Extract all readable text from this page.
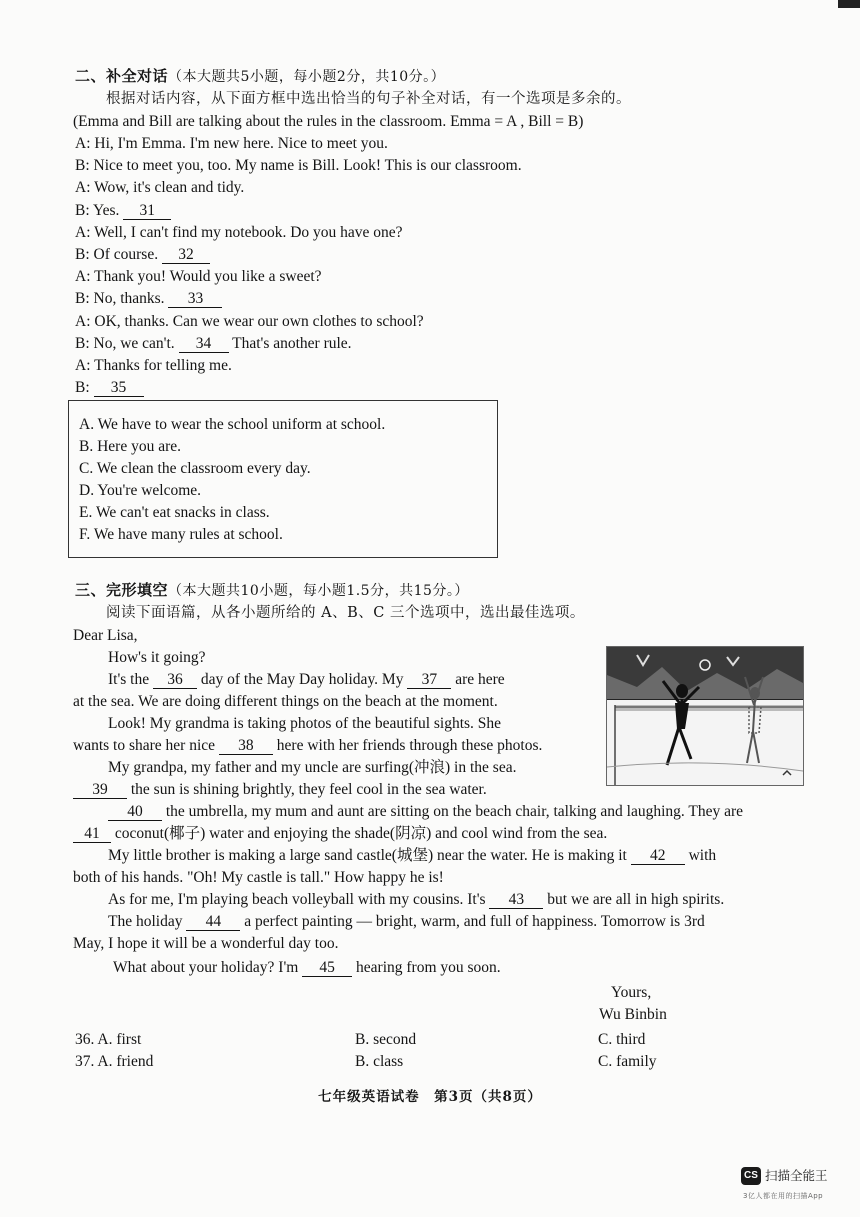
二、补全对话（本大题共5小题，每小题2分，共10分。）
根据对话内容，从下面方框中选出恰当的句子补全对话，有一个选项是多余的。
(Emma and Bill are talking about the rules in the classroom. Emma = A , Bill = B)
A: Hi, I'm Emma. I'm new here. Nice to meet you.
B: Nice to meet you, too. My name is Bill. Look! This is our classroom.
A: Wow, it's clean and tidy.
B: Yes. 31
A: Well, I can't find my notebook. Do you have one?
B: Of course. 32
A: Thank you! Would you like a sweet?
B: No, thanks. 33
A: OK, thanks. Can we wear our own clothes to school?
B: No, we can't. 34 That's another rule.
A: Thanks for telling me.
B: 35
A. We have to wear the school uniform at school.
B. Here you are.
C. We clean the classroom every day.
D. You're welcome.
E. We can't eat snacks in class.
F. We have many rules at school.
三、完形填空（本大题共10小题，每小题1.5分，共15分。）
阅读下面语篇，从各小题所给的 A、B、C 三个选项中，选出最佳选项。
Dear Lisa,
How's it going?
It's the 36 day of the May Day holiday. My 37 are here
at the sea. We are doing different things on the beach at the moment.
Look! My grandma is taking photos of the beautiful sights. She
wants to share her nice 38 here with her friends through these photos.
My grandpa, my father and my uncle are surfing(冲浪) in the sea.
39 the sun is shining brightly, they feel cool in the sea water.
40 the umbrella, my mum and aunt are sitting on the beach chair, talking and laughing. They are
41 coconut(椰子) water and enjoying the shade(阴凉) and cool wind from the sea.
My little brother is making a large sand castle(城堡) near the water. He is making it 42 with
both of his hands. "Oh! My castle is tall." How happy he is!
As for me, I'm playing beach volleyball with my cousins. It's 43 but we are all in high spirits.
The holiday 44 a perfect painting — bright, warm, and full of happiness. Tomorrow is 3rd
May, I hope it will be a wonderful day too.
What about your holiday? I'm 45 hearing from you soon.
Yours,
Wu Binbin
36. A. first	B. second	C. third
37. A. friend	B. class	C. family
七年级英语试卷　第3页（共8页）
CS 扫描全能王
3亿人都在用的扫描App
